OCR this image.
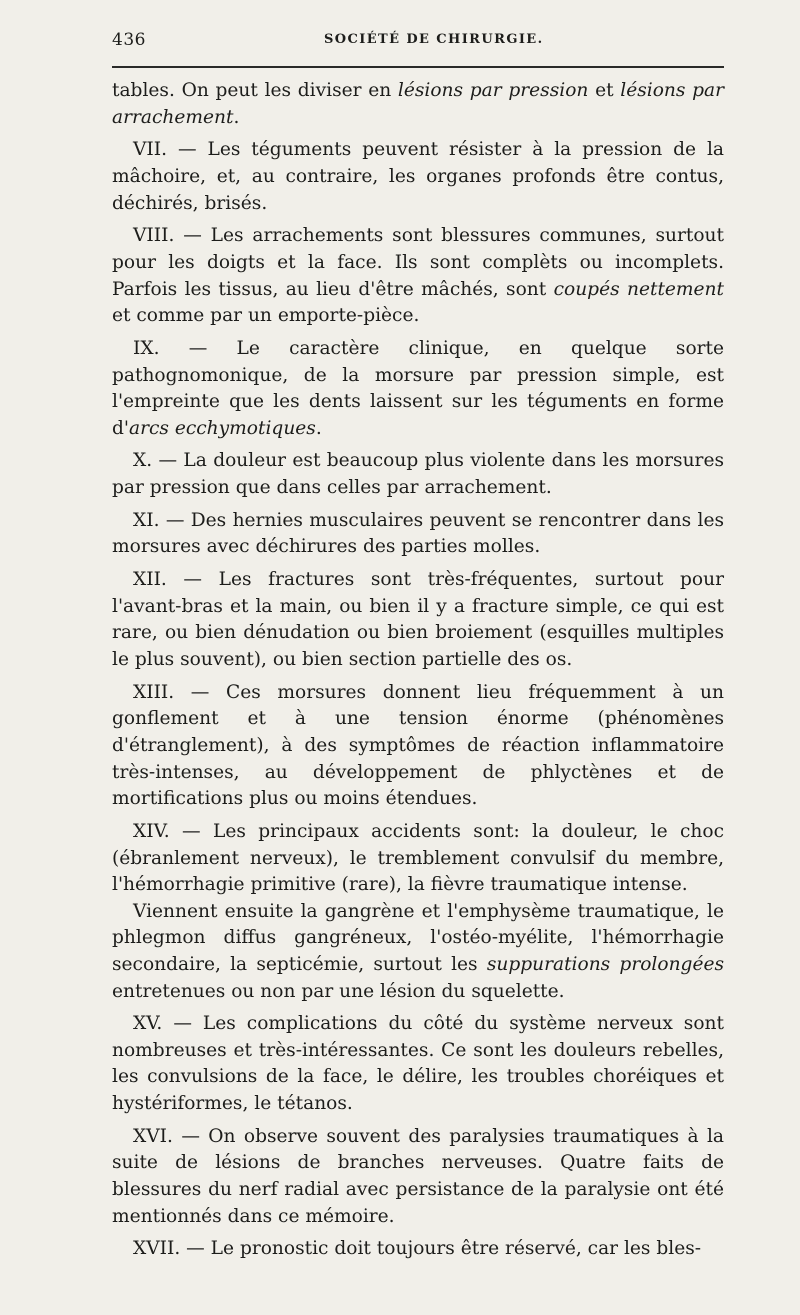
436	SOCIÉTÉ DE CHIRURGIE.

tables. On peut les diviser en lésions par pression et lésions par arrachement.

VII. — Les téguments peuvent résister à la pression de la mâchoire, et, au contraire, les organes profonds être contus, déchirés, brisés.

VIII. — Les arrachements sont blessures communes, surtout pour les doigts et la face. Ils sont complèts ou incomplets. Parfois les tissus, au lieu d'être mâchés, sont coupés nettement et comme par un emporte-pièce.

IX. — Le caractère clinique, en quelque sorte pathognomonique, de la morsure par pression simple, est l'empreinte que les dents laissent sur les téguments en forme d'arcs ecchymotiques.

X. — La douleur est beaucoup plus violente dans les morsures par pression que dans celles par arrachement.

XI. — Des hernies musculaires peuvent se rencontrer dans les morsures avec déchirures des parties molles.

XII. — Les fractures sont très-fréquentes, surtout pour l'avant-bras et la main, ou bien il y a fracture simple, ce qui est rare, ou bien dénudation ou bien broiement (esquilles multiples le plus souvent), ou bien section partielle des os.

XIII. — Ces morsures donnent lieu fréquemment à un gonflement et à une tension énorme (phénomènes d'étranglement), à des symptômes de réaction inflammatoire très-intenses, au développement de phlyctènes et de mortifications plus ou moins étendues.

XIV. — Les principaux accidents sont: la douleur, le choc (ébranlement nerveux), le tremblement convulsif du membre, l'hémorrhagie primitive (rare), la fièvre traumatique intense.

Viennent ensuite la gangrène et l'emphysème traumatique, le phlegmon diffus gangréneux, l'ostéo-myélite, l'hémorrhagie secondaire, la septicémie, surtout les suppurations prolongées entretenues ou non par une lésion du squelette.

XV. — Les complications du côté du système nerveux sont nombreuses et très-intéressantes. Ce sont les douleurs rebelles, les convulsions de la face, le délire, les troubles choréiques et hystériformes, le tétanos.

XVI. — On observe souvent des paralysies traumatiques à la suite de lésions de branches nerveuses. Quatre faits de blessures du nerf radial avec persistance de la paralysie ont été mentionnés dans ce mémoire.

XVII. — Le pronostic doit toujours être réservé, car les bles-
